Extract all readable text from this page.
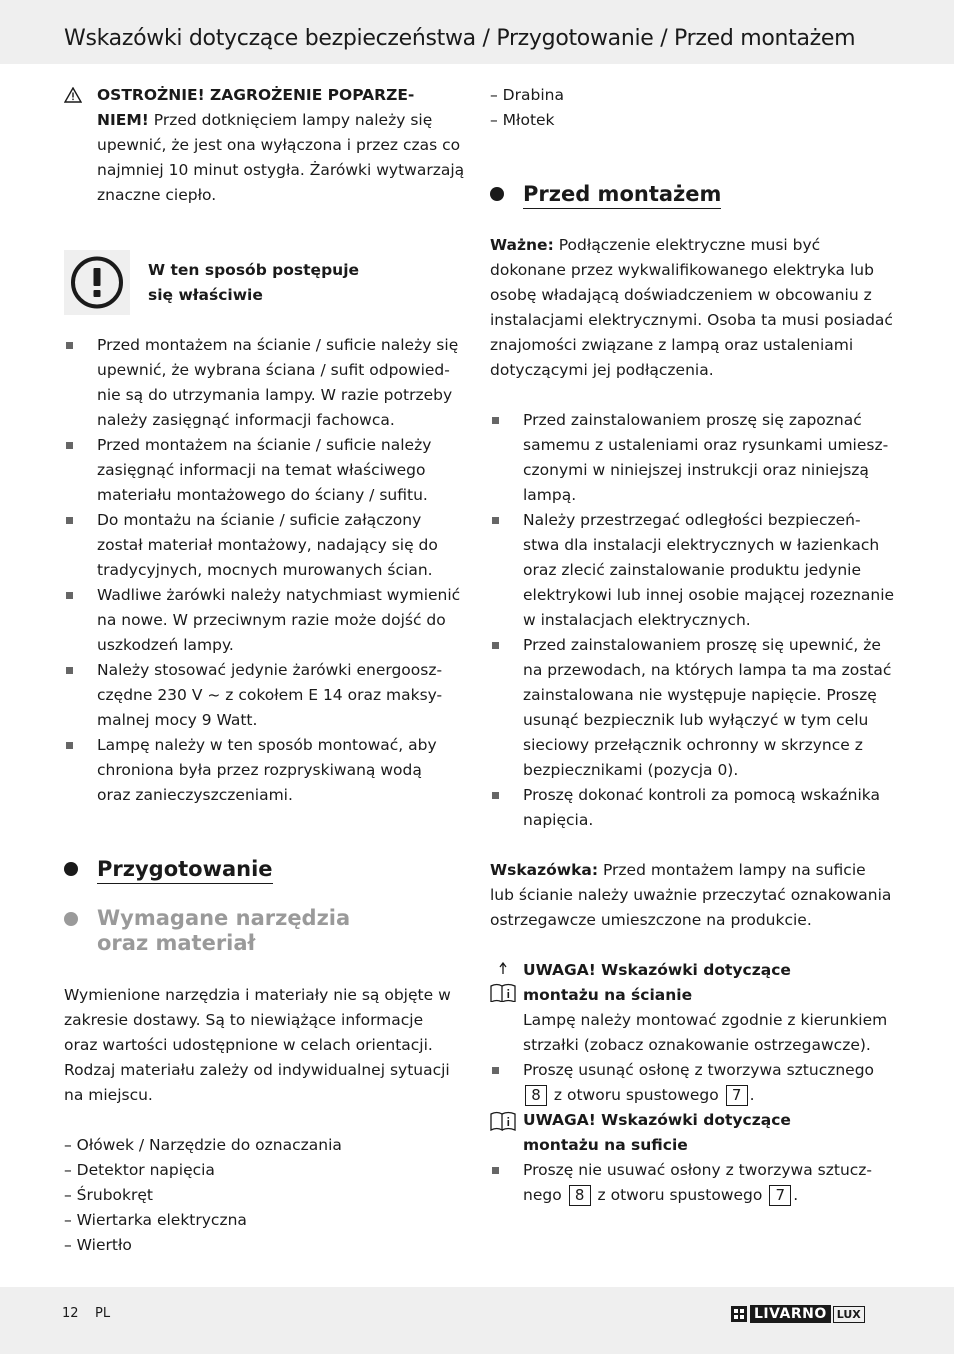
Wskazówki dotyczące bezpieczeństwa / Przygotowanie / Przed montażem

OSTROŻNIE! ZAGROŻENIE POPARZE-

NIEM! Przed dotknięciem lampy należy się

upewnić, że jest ona wyłączona i przez czas co

najmniej 10 minut ostygła. Żarówki wytwarzają

znaczne ciepło.

W ten sposób postępuje

się właściwie

Przed montażem na ścianie / suficie należy się

upewnić, że wybrana ściana / sufit odpowied-

nie są do utrzymania lampy. W razie potrzeby

należy zasięgnąć informacji fachowca.

Przed montażem na ścianie / suficie należy

zasięgnąć informacji na temat właściwego

materiału montażowego do ściany / sufitu.

Do montażu na ścianie / suficie załączony

został materiał montażowy, nadający się do

tradycyjnych, mocnych murowanych ścian.

Wadliwe żarówki należy natychmiast wymienić

na nowe. W przeciwnym razie może dojść do

uszkodzeń lampy.

Należy stosować jedynie żarówki energoosz-

czędne 230 V ~ z cokołem E 14 oraz maksy-

malnej mocy 9 Watt.

Lampę należy w ten sposób montować, aby

chroniona była przez rozpryskiwaną wodą

oraz zanieczyszczeniami.

Przygotowanie

Wymagane narzędzia

oraz materiał

Wymienione narzędzia i materiały nie są objęte w

zakresie dostawy. Są to niewiążące informacje

oraz wartości udostępnione w celach orientacji.

Rodzaj materiału zależy od indywidualnej sytuacji

na miejscu.

– Ołówek / Narzędzie do oznaczania

– Detektor napięcia

– Śrubokręt

– Wiertarka elektryczna

– Wiertło

– Drabina

– Młotek

Przed montażem

Ważne: Podłączenie elektryczne musi być

dokonane przez wykwalifikowanego elektryka lub

osobę władającą doświadczeniem w obcowaniu z

instalacjami elektrycznymi. Osoba ta musi posiadać

znajomości związane z lampą oraz ustaleniami

dotyczącymi jej podłączenia.

Przed zainstalowaniem proszę się zapoznać

samemu z ustaleniami oraz rysunkami umiesz-

czonymi w niniejszej instrukcji oraz niniejszą

lampą.

Należy przestrzegać odległości bezpieczeń-

stwa dla instalacji elektrycznych w łazienkach

oraz zlecić zainstalowanie produktu jedynie

elektrykowi lub innej osobie mającej rozeznanie

w instalacjach elektrycznych.

Przed zainstalowaniem proszę się upewnić, że

na przewodach, na których lampa ta ma zostać

zainstalowana nie występuje napięcie. Proszę

usunąć bezpiecznik lub wyłączyć w tym celu

sieciowy przełącznik ochronny w skrzynce z

bezpiecznikami (pozycja 0).

Proszę dokonać kontroli za pomocą wskaźnika

napięcia.

Wskazówka: Przed montażem lampy na suficie

lub ścianie należy uważnie przeczytać oznakowania

ostrzegawcze umieszczone na produkcie.

UWAGA! Wskazówki dotyczące

montażu na ścianie

Lampę należy montować zgodnie z kierunkiem

strzałki (zobacz oznakowanie ostrzegawcze).

Proszę usunąć osłonę z tworzywa sztucznego

8 z otworu spustowego 7 .

UWAGA! Wskazówki dotyczące

montażu na suficie

Proszę nie usuwać osłony z tworzywa sztucz-

nego 8 z otworu spustowego 7 .

12 PL	LIVARNO LUX
